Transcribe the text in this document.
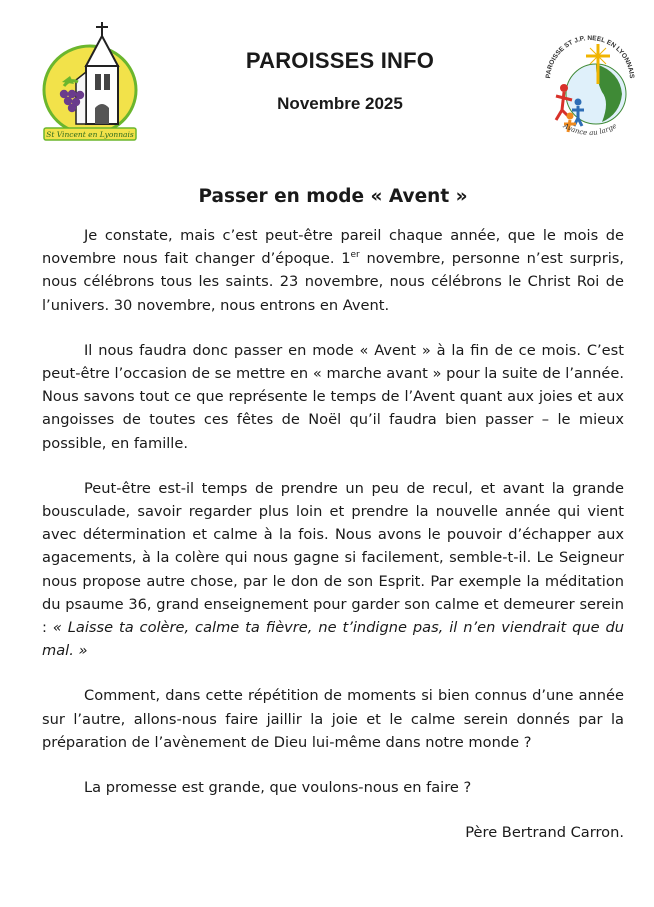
St Vincent en Lyonnais
PAROISSES INFO
Novembre 2025
PAROISSE ST J.P. NEEL EN LYONNAIS
Avance au large
Passer en mode « Avent »

Je constate, mais c’est peut-être pareil chaque année, que le mois de novembre nous fait changer d’époque. 1er novembre, personne n’est surpris, nous célébrons tous les saints. 23 novembre, nous célébrons le Christ Roi de l’univers. 30 novembre, nous entrons en Avent.

Il nous faudra donc passer en mode « Avent » à la fin de ce mois. C’est peut-être l’occasion de se mettre en « marche avant » pour la suite de l’année. Nous savons tout ce que représente le temps de l’Avent quant aux joies et aux angoisses de toutes ces fêtes de Noël qu’il faudra bien passer – le mieux possible, en famille.

Peut-être est-il temps de prendre un peu de recul, et avant la grande bousculade, savoir regarder plus loin et prendre la nouvelle année qui vient avec détermination et calme à la fois. Nous avons le pouvoir d’échapper aux agacements, à la colère qui nous gagne si facilement, semble-t-il. Le Seigneur nous propose autre chose, par le don de son Esprit. Par exemple la méditation du psaume 36, grand enseignement pour garder son calme et demeurer serein : « Laisse ta colère, calme ta fièvre, ne t’indigne pas, il n’en viendrait que du mal. »

Comment, dans cette répétition de moments si bien connus d’une année sur l’autre, allons-nous faire jaillir la joie et le calme serein donnés par la préparation de l’avènement de Dieu lui-même dans notre monde ?

La promesse est grande, que voulons-nous en faire ?

Père Bertrand Carron.
